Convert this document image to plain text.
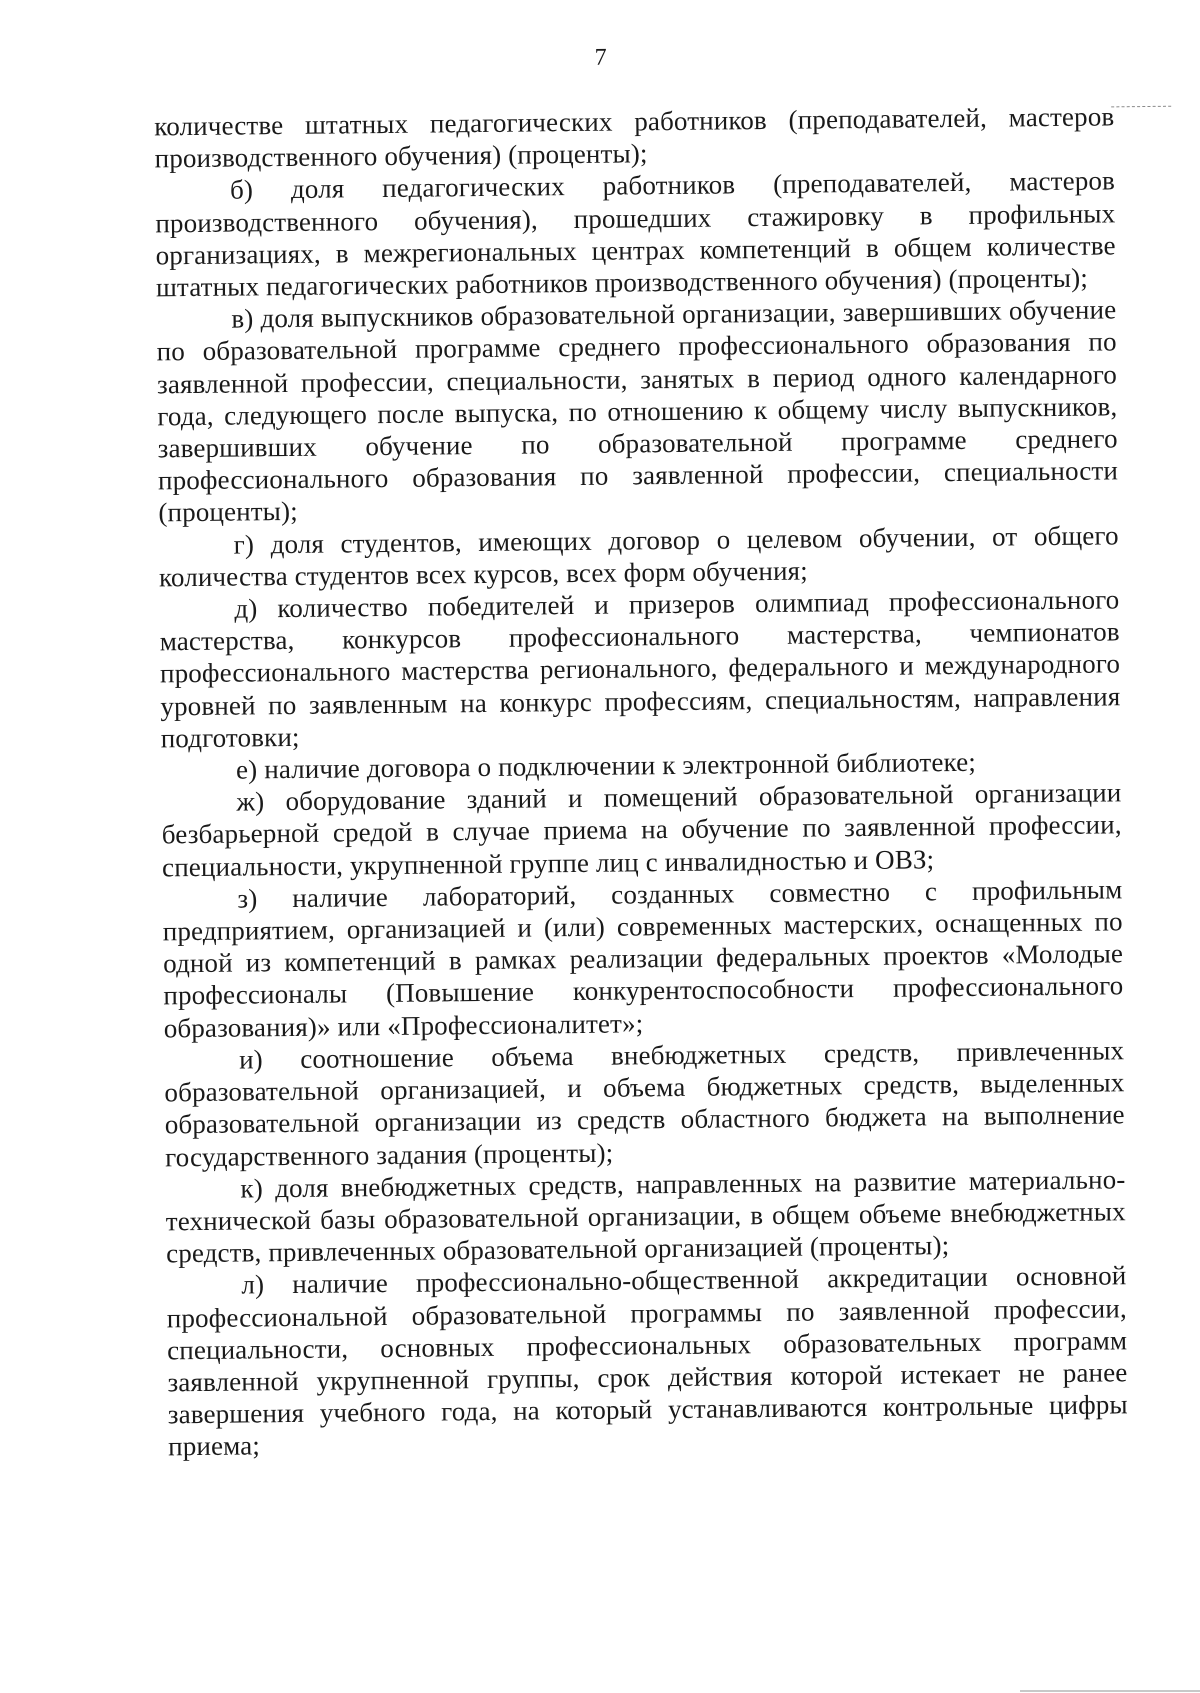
7

количестве штатных педагогических работников (преподавателей, мастеров производственного обучения) (проценты);

б) доля педагогических работников (преподавателей, мастеров производственного обучения), прошедших стажировку в профильных организациях, в межрегиональных центрах компетенций в общем количестве штатных педагогических работников производственного обучения) (проценты);

в) доля выпускников образовательной организации, завершивших обучение по образовательной программе среднего профессионального образования по заявленной профессии, специальности, занятых в период одного календарного года, следующего после выпуска, по отношению к общему числу выпускников, завершивших обучение по образовательной программе среднего профессионального образования по заявленной профессии, специальности (проценты);

г) доля студентов, имеющих договор о целевом обучении, от общего количества студентов всех курсов, всех форм обучения;

д) количество победителей и призеров олимпиад профессионального мастерства, конкурсов профессионального мастерства, чемпионатов профессионального мастерства регионального, федерального и международного уровней по заявленным на конкурс профессиям, специальностям, направления подготовки;

е) наличие договора о подключении к электронной библиотеке;

ж) оборудование зданий и помещений образовательной организации безбарьерной средой в случае приема на обучение по заявленной профессии, специальности, укрупненной группе лиц с инвалидностью и ОВЗ;

з) наличие лабораторий, созданных совместно с профильным предприятием, организацией и (или) современных мастерских, оснащенных по одной из компетенций в рамках реализации федеральных проектов «Молодые профессионалы (Повышение конкурентоспособности профессионального образования)» или «Профессионалитет»;

и) соотношение объема внебюджетных средств, привлеченных образовательной организацией, и объема бюджетных средств, выделенных образовательной организации из средств областного бюджета на выполнение государственного задания (проценты);

к) доля внебюджетных средств, направленных на развитие материально-технической базы образовательной организации, в общем объеме внебюджетных средств, привлеченных образовательной организацией (проценты);

л) наличие профессионально-общественной аккредитации основной профессиональной образовательной программы по заявленной профессии, специальности, основных профессиональных образовательных программ заявленной укрупненной группы, срок действия которой истекает не ранее завершения учебного года, на который устанавливаются контрольные цифры приема;
